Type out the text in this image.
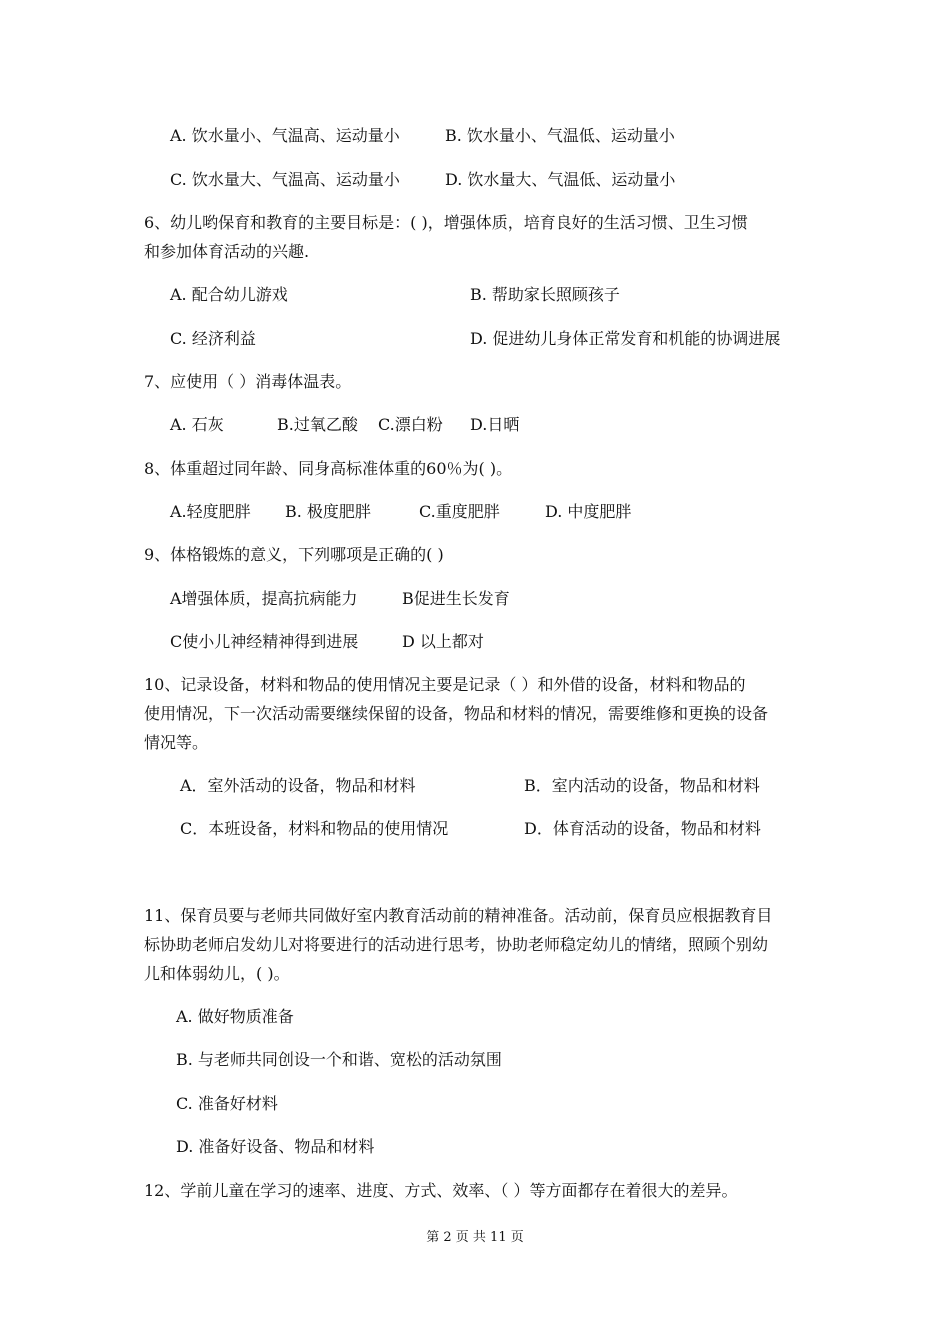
A. 饮水量小、气温高、运动量小	B. 饮水量小、气温低、运动量小
C. 饮水量大、气温高、运动量小	D. 饮水量大、气温低、运动量小
6、幼儿哟保育和教育的主要目标是：( )，增强体质，培育良好的生活习惯、卫生习惯
和参加体育活动的兴趣.
A. 配合幼儿游戏	B. 帮助家长照顾孩子
C. 经济利益	D. 促进幼儿身体正常发育和机能的协调进展
7、应使用（ ）消毒体温表。
A. 石灰	B.过氧乙酸 C.漂白粉 D.日晒
8、体重超过同年龄、同身高标准体重的60％为( )。
A.轻度肥胖 B. 极度肥胖	C.重度肥胖	D. 中度肥胖
9、体格锻炼的意义，下列哪项是正确的( )
A增强体质，提高抗病能力	B促进生长发育
C使小儿神经精神得到进展	D 以上都对
10、记录设备，材料和物品的使用情况主要是记录（ ）和外借的设备，材料和物品的
使用情况，下一次活动需要继续保留的设备，物品和材料的情况，需要维修和更换的设备
情况等。
A．室外活动的设备，物品和材料	B．室内活动的设备，物品和材料
C．本班设备，材料和物品的使用情况	D．体育活动的设备，物品和材料
11、保育员要与老师共同做好室内教育活动前的精神准备。活动前，保育员应根据教育目
标协助老师启发幼儿对将要进行的活动进行思考，协助老师稳定幼儿的情绪，照顾个别幼
儿和体弱幼儿，( )。
A. 做好物质准备
B. 与老师共同创设一个和谐、宽松的活动氛围
C. 准备好材料
D. 准备好设备、物品和材料
12、学前儿童在学习的速率、进度、方式、效率、（ ）等方面都存在着很大的差异。
第 2 页 共 11 页
